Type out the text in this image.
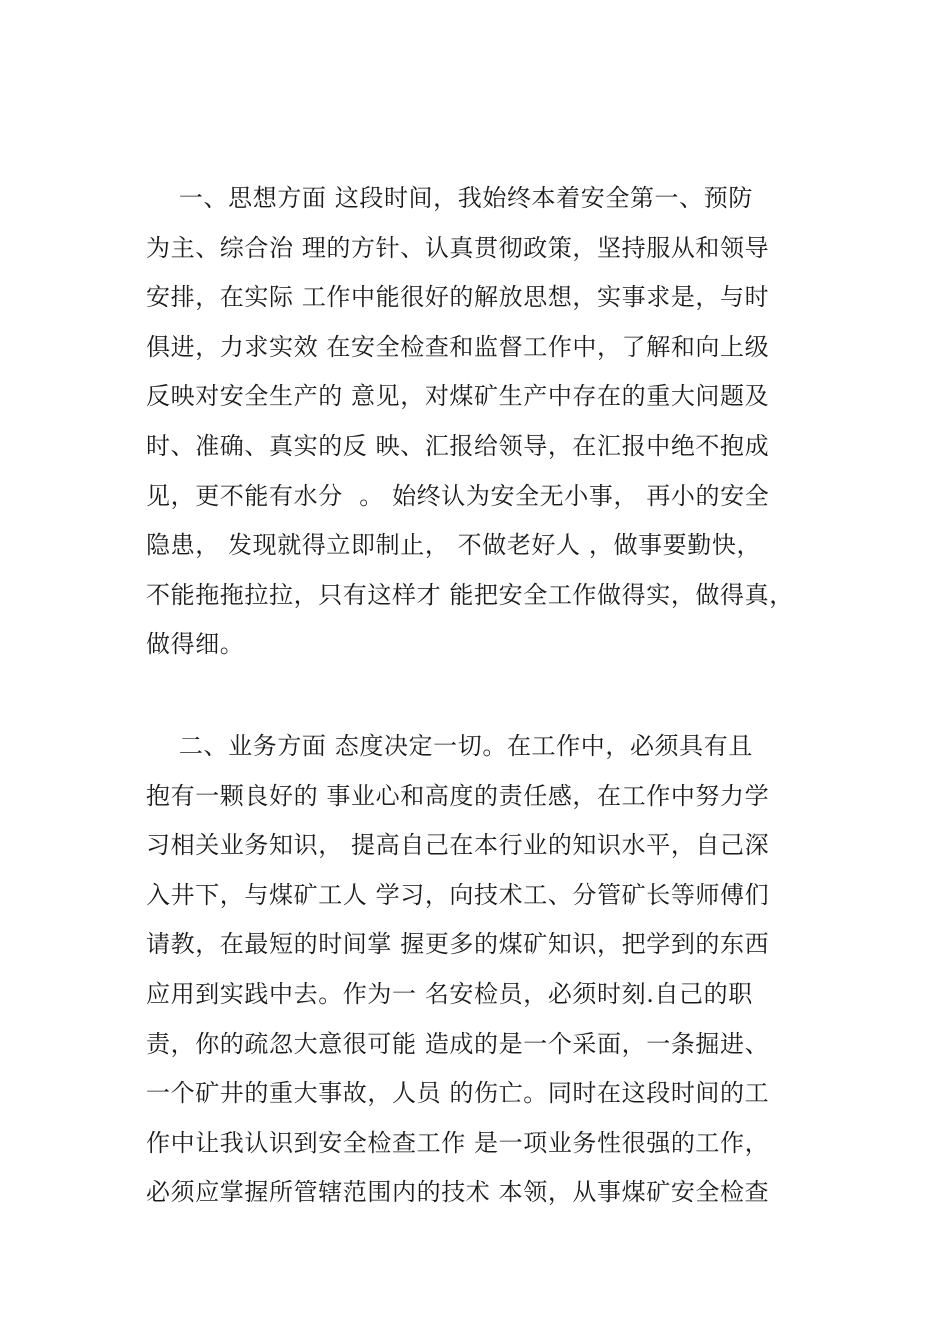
一、思想方面 这段时间，我始终本着安全第一、预防
为主、综合治 理的方针、认真贯彻政策，坚持服从和领导
安排，在实际 工作中能很好的解放思想，实事求是，与时
俱进，力求实效 在安全检查和监督工作中，了解和向上级
反映对安全生产的 意见，对煤矿生产中存在的重大问题及
时、准确、真实的反 映、汇报给领导，在汇报中绝不抱成
见，更不能有水分  。 始终认为安全无小事， 再小的安全
隐患， 发现就得立即制止， 不做老好人 ，做事要勤快，
不能拖拖拉拉，只有这样才 能把安全工作做得实，做得真，
做得细。
二、业务方面 态度决定一切。在工作中，必须具有且
抱有一颗良好的 事业心和高度的责任感，在工作中努力学
习相关业务知识， 提高自己在本行业的知识水平，自己深
入井下，与煤矿工人 学习，向技术工、分管矿长等师傅们
请教，在最短的时间掌 握更多的煤矿知识，把学到的东西
应用到实践中去。作为一 名安检员，必须时刻.自己的职
责，你的疏忽大意很可能 造成的是一个采面，一条掘进、
一个矿井的重大事故，人员 的伤亡。同时在这段时间的工
作中让我认识到安全检查工作 是一项业务性很强的工作，
必须应掌握所管辖范围内的技术 本领，从事煤矿安全检查
